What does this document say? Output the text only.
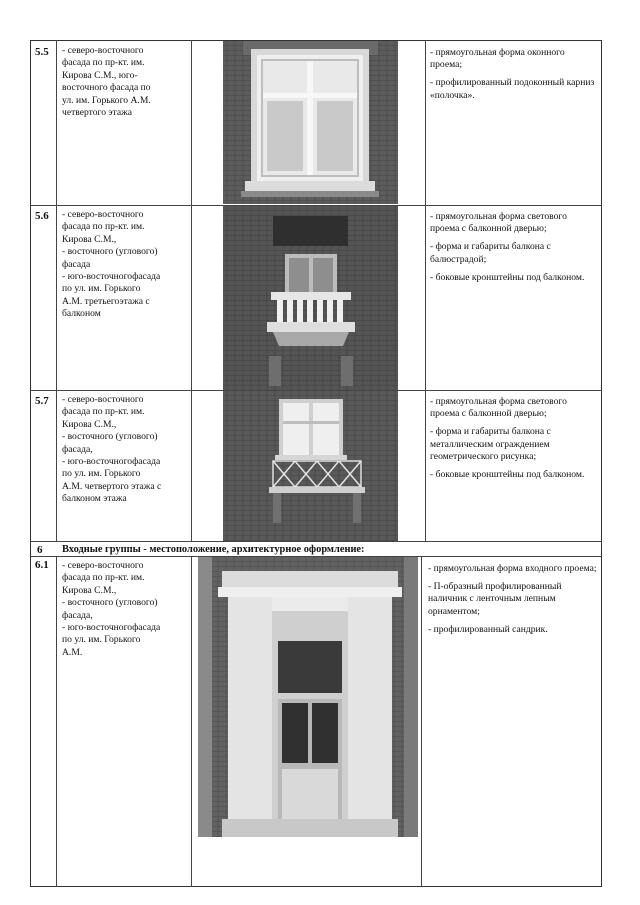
5.5 - северо-восточного
фасада по пр-кт. им.
Кирова С.М., юго-
восточного фасада по
ул. им. Горького А.М.
четвертого этажа

- прямоугольная форма оконного проема;

- профилированный подоконный карниз «полочка».

5.6 - северо-восточного
фасада по пр-кт. им.
Кирова С.М.,
- восточного (углового)
фасада
- юго-восточногофасада
по ул. им. Горького
А.М. третьегоэтажа с
балконом

- прямоугольная форма светового проема с балконной дверью;

- форма и габариты балкона с балюстрадой;

- боковые кронштейны под балконом.

5.7 - северо-восточного
фасада по пр-кт. им.
Кирова С.М.,
- восточного (углового)
фасада,
- юго-восточногофасада
по ул. им. Горького
А.М. четвертого этажа с
балконом этажа

- прямоугольная форма светового проема с балконной дверью;

- форма и габариты балкона с металлическим ограждением геометрического рисунка;

- боковые кронштейны под балконом.

6 Входные группы - местоположение, архитектурное оформление:
6.1 - северо-восточного
фасада по пр-кт. им.
Кирова С.М.,
- восточного (углового)
фасада,
- юго-восточногофасада
по ул. им. Горького
А.М.

- прямоугольная форма входного проема;

- П-образный профилированный наличник с ленточным лепным орнаментом;

- профилированный сандрик.
